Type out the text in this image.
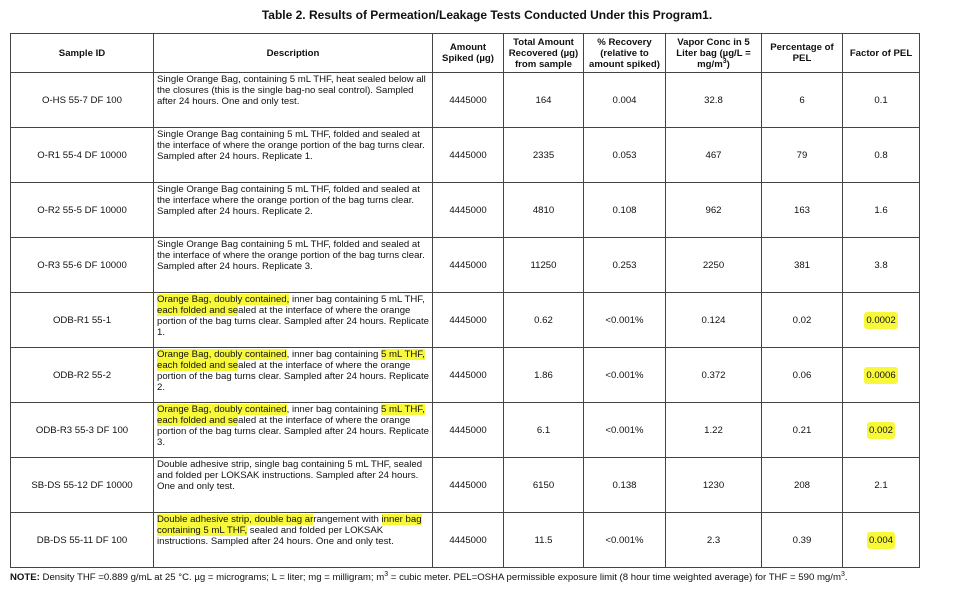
Table 2. Results of Permeation/Leakage Tests Conducted Under this Program1.
Sample ID	Description	Amount Spiked (µg)	Total Amount Recovered (µg) from sample	% Recovery (relative to amount spiked)	Vapor Conc in 5 Liter bag $(\mu g/L = mg/m^3)$	Percentage of PEL	Factor of PEL
O-HS 55-7 DF 100	Single Orange Bag, containing 5 mL THF, heat sealed below all the closures (this is the single bag-no seal control). Sampled after 24 hours. One and only test.	4445000	164	0.004	32.8	6	0.1
O-R1 55-4 DF 10000	Single Orange Bag containing 5 mL THF, folded and sealed at the interface of where the orange portion of the bag turns clear. Sampled after 24 hours. Replicate 1.	4445000	2335	0.053	467	79	0.8
O-R2 55-5 DF 10000	Single Orange Bag containing 5 mL THF, folded and sealed at the interface where the orange portion of the bag turns clear. Sampled after 24 hours. Replicate 2.	4445000	4810	0.108	962	163	1.6
O-R3 55-6 DF 10000	Single Orange Bag containing 5 mL THF, folded and sealed at the interface of where the orange portion of the bag turns clear. Sampled after 24 hours. Replicate 3.	4445000	11250	0.253	2250	381	3.8
ODB-R1 55-1	Orange Bag, doubly contained, inner bag containing 5 mL THF, each folded and sealed at the interface of where the orange portion of the bag turns clear. Sampled after 24 hours. Replicate 1.	4445000	0.62	<0.001%	0.124	0.02	0.0002
ODB-R2 55-2	Orange Bag, doubly contained, inner bag containing 5 mL THF, each folded and sealed at the interface of where the orange portion of the bag turns clear. Sampled after 24 hours. Replicate 2.	4445000	1.86	<0.001%	0.372	0.06	0.0006
ODB-R3 55-3 DF 100	Orange Bag, doubly contained, inner bag containing 5 mL THF, each folded and sealed at the interface of where the orange portion of the bag turns clear. Sampled after 24 hours. Replicate 3.	4445000	6.1	<0.001%	1.22	0.21	0.002
SB-DS 55-12 DF 10000	Double adhesive strip, single bag containing 5 mL THF, sealed and folded per LOKSAK instructions. Sampled after 24 hours. One and only test.	4445000	6150	0.138	1230	208	2.1
DB-DS 55-11 DF 100	Double adhesive strip, double bag arrangement with inner bag containing 5 mL THF, sealed and folded per LOKSAK instructions. Sampled after 24 hours. One and only test.	4445000	11.5	<0.001%	2.3	0.39	0.004
NOTE: Density THF =0.889 g/mL at 25 °C. µg = micrograms; L = liter; mg = milligram; $m^3$ = cubic meter. PEL=OSHA permissible exposure limit (8 hour time weighted average) for THF = 590 $mg/m^3$.
